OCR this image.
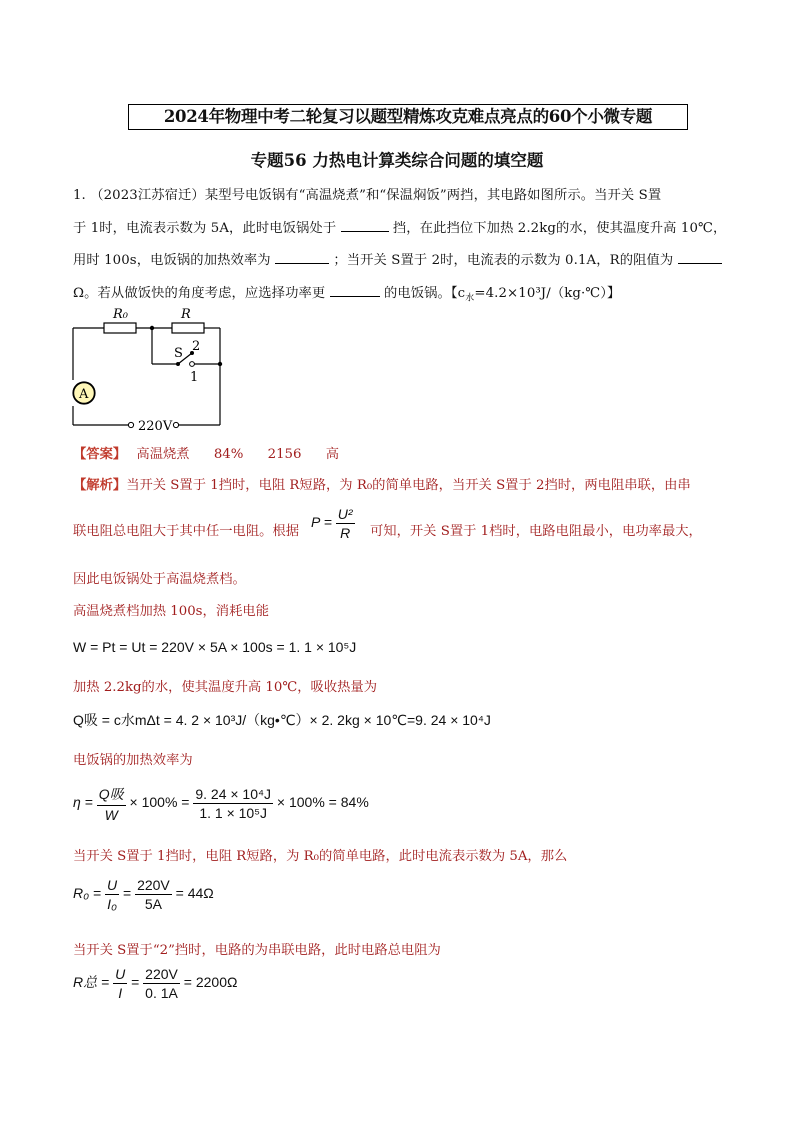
2024年物理中考二轮复习以题型精炼攻克难点亮点的60个小微专题
专题56 力热电计算类综合问题的填空题
1. （2023江苏宿迁）某型号电饭锅有“高温烧煮”和“保温焖饭”两挡，其电路如图所示。当开关 S置
于 1时，电流表示数为 5A，此时电饭锅处于	挡，在此挡位下加热 2.2kg的水，使其温度升高 10℃，
用时 100s，电饭锅的加热效率为	；当开关 S置于 2时，电流表的示数为 0.1A，R的阻值为
Ω。若从做饭快的角度考虑，应选择功率更	的电饭锅。【$c_水=4.2\times 10^3J/(kg\cdot℃)$】
R₀	R
S 2
1
A
220V
【答案】 高温烧煮 84% 2156 高
【解析】当开关 S置于 1挡时，电阻 R短路，为 R₀的简单电路，当开关 S置于 2挡时，两电阻串联，由串
联电阻总电阻大于其中任一电阻。根据
$P = \frac{\text{U²}}{R}$ 可知，开关 S置于 1档时，电路电阻最小，电功率最大，
因此电饭锅处于高温烧煮档。
高温烧煮档加热 100s，消耗电能
W = Pt = Ut = 220V × 5A × 100s = 1. 1 × 10⁵J
加热 2.2kg的水，使其温度升高 10℃，吸收热量为
Q吸 = c水mΔt = 4. 2 × 10³J/（kg•℃）× 2. 2kg × 10℃=9. 24 × 10⁴J
电饭锅的加热效率为
$\eta = \frac{\text{Q吸}}{W} \times 100\% = \frac{\text{9. 24 × 10⁴J}}{\text{1. 1 × 10⁵J}} \times 100\% = 84\%$
当开关 S置于 1挡时，电阻 R短路，为 R₀的简单电路，此时电流表示数为 5A，那么
$R_0 = \frac{U}{\text{I₀}} = \frac{220V}{5A} = 44\Omega$
当开关 S置于“2”挡时，电路的为串联电路，此时电路总电阻为
R总 = $\frac{U}{I} = \frac{220V}{0. 1A} = 2200\Omega$
